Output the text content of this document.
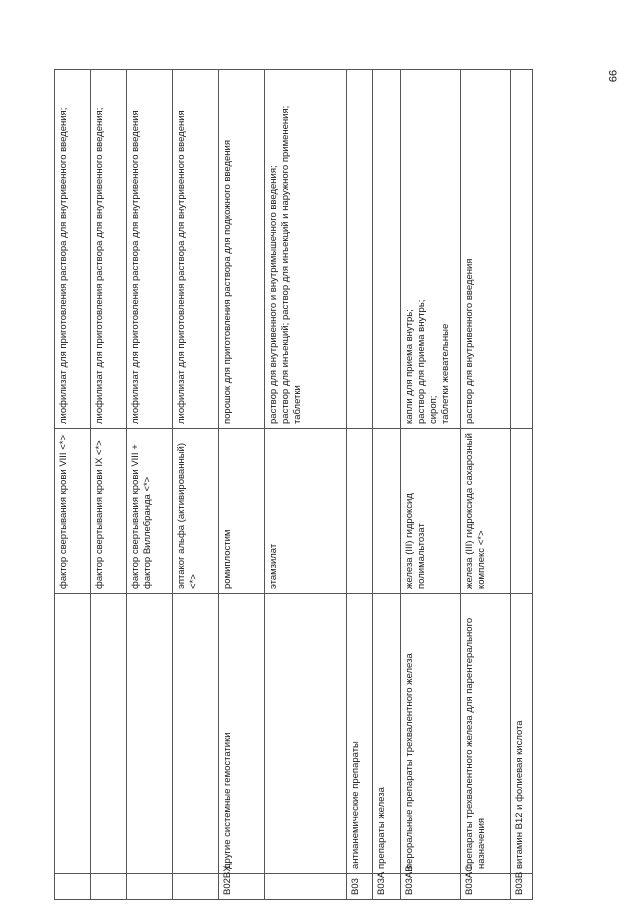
99
		фактор свертывания крови VIII <*>	лиофилизат для приготовления раствора для внутривенного введения;

		фактор свертывания крови IX <*>	лиофилизат для приготовления раствора для внутривенного введения;

		фактор свертывания крови VIII + фактор Виллебранда <*>	лиофилизат для приготовления раствора для внутривенного введения

		эптаког альфа (активированный) <*>	лиофилизат для приготовления раствора для внутривенного введения

B02BX	другие системные гемостатики	ромиплостим	порошок для приготовления раствора для подкожного введения

		этамзилат	раствор для внутривенного и внутримышечного введения; раствор для инъекций; раствор для инъекций и наружного применения; таблетки

B03	антианемические препараты		
B03A	препараты железа		
B03AB	пероральные препараты трехвалентного железа	железа (III) гидроксид полимальтозат	капли для приема внутрь; раствор для приема внутрь; сироп; таблетки жевательные

B03AC	препараты трехвалентного железа для парентерального назначения	железа (III) гидроксида сахарозный комплекс <*>	раствор для внутривенного введения

B03B	витамин B12 и фолиевая кислота		
